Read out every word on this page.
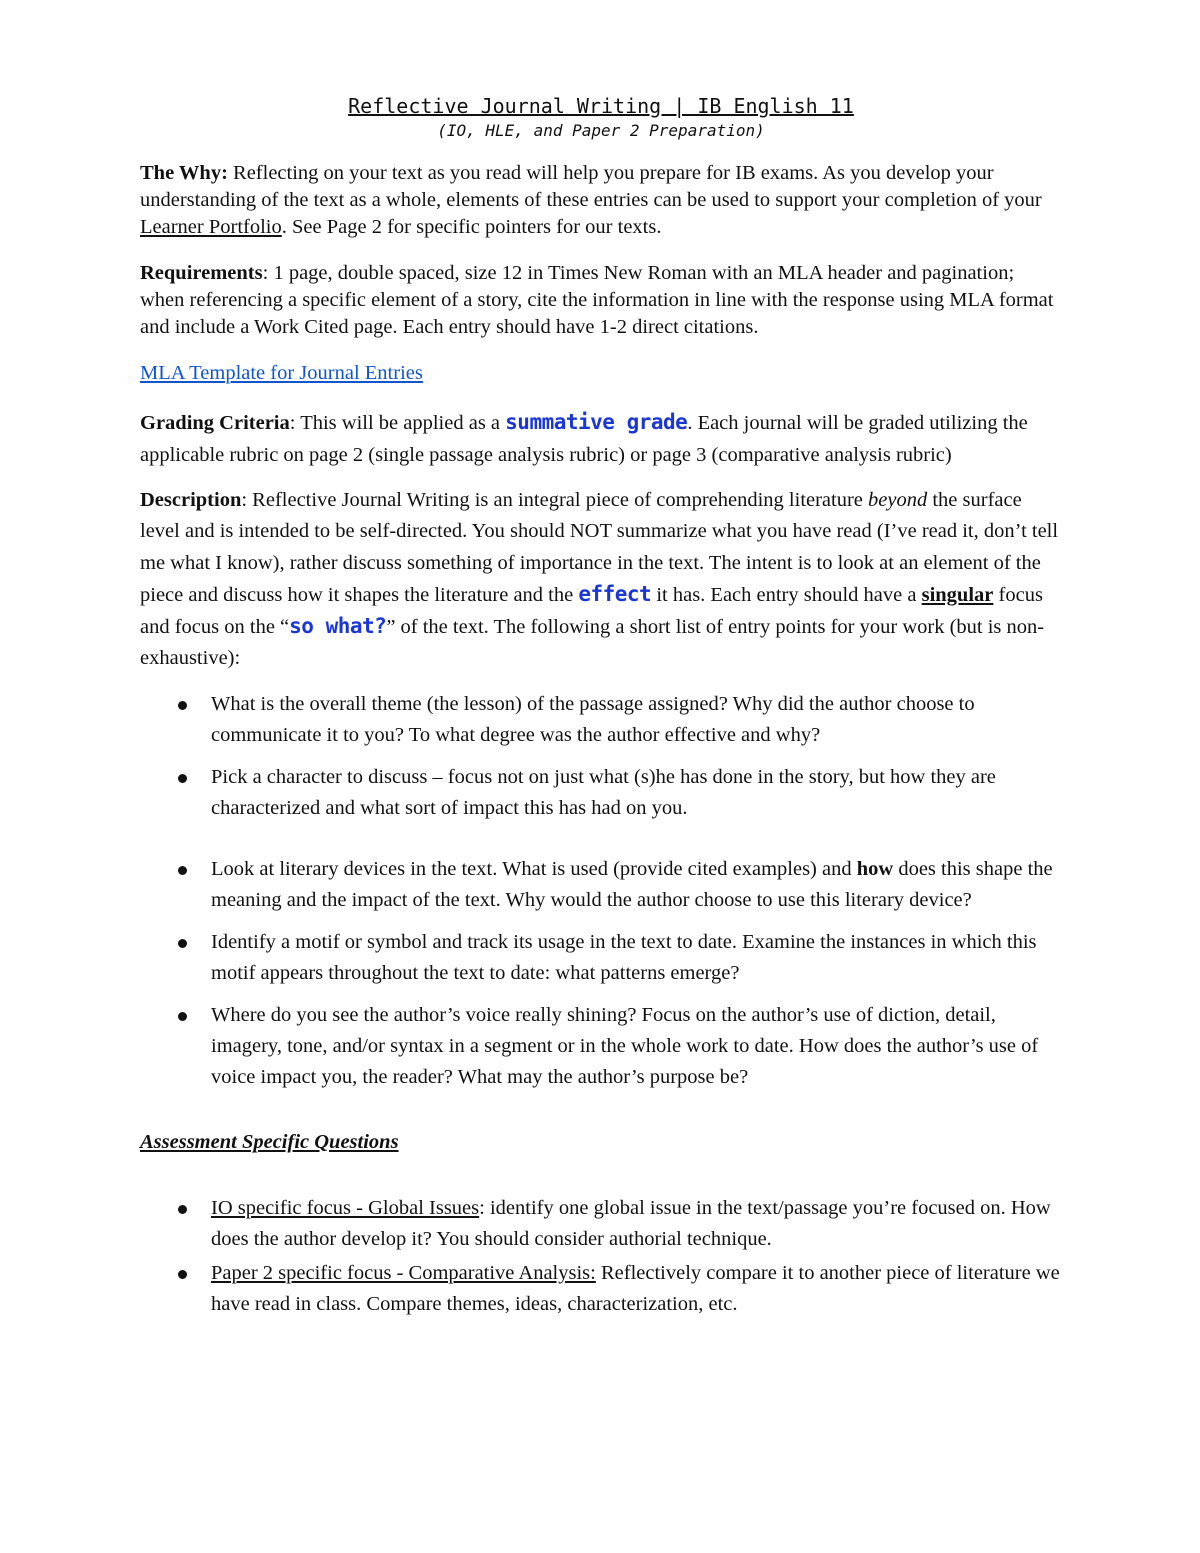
Reflective Journal Writing | IB English 11
(IO, HLE, and Paper 2 Preparation)

The Why: Reflecting on your text as you read will help you prepare for IB exams. As you develop your understanding of the text as a whole, elements of these entries can be used to support your completion of your Learner Portfolio. See Page 2 for specific pointers for our texts.

Requirements: 1 page, double spaced, size 12 in Times New Roman with an MLA header and pagination; when referencing a specific element of a story, cite the information in line with the response using MLA format and include a Work Cited page. Each entry should have 1-2 direct citations.

MLA Template for Journal Entries

Grading Criteria: This will be applied as a summative grade. Each journal will be graded utilizing the applicable rubric on page 2 (single passage analysis rubric) or page 3 (comparative analysis rubric)

Description: Reflective Journal Writing is an integral piece of comprehending literature beyond the surface level and is intended to be self-directed. You should NOT summarize what you have read (I’ve read it, don’t tell me what I know), rather discuss something of importance in the text. The intent is to look at an element of the piece and discuss how it shapes the literature and the effect it has. Each entry should have a singular focus and focus on the “so what?” of the text. The following a short list of entry points for your work (but is non-exhaustive):

What is the overall theme (the lesson) of the passage assigned? Why did the author choose to communicate it to you? To what degree was the author effective and why?
Pick a character to discuss – focus not on just what (s)he has done in the story, but how they are characterized and what sort of impact this has had on you.
Look at literary devices in the text. What is used (provide cited examples) and how does this shape the meaning and the impact of the text. Why would the author choose to use this literary device?
Identify a motif or symbol and track its usage in the text to date. Examine the instances in which this motif appears throughout the text to date: what patterns emerge?
Where do you see the author’s voice really shining? Focus on the author’s use of diction, detail, imagery, tone, and/or syntax in a segment or in the whole work to date. How does the author’s use of voice impact you, the reader? What may the author’s purpose be?
Assessment Specific Questions
IO specific focus - Global Issues: identify one global issue in the text/passage you’re focused on. How does the author develop it? You should consider authorial technique.
Paper 2 specific focus - Comparative Analysis: Reflectively compare it to another piece of literature we have read in class. Compare themes, ideas, characterization, etc.
